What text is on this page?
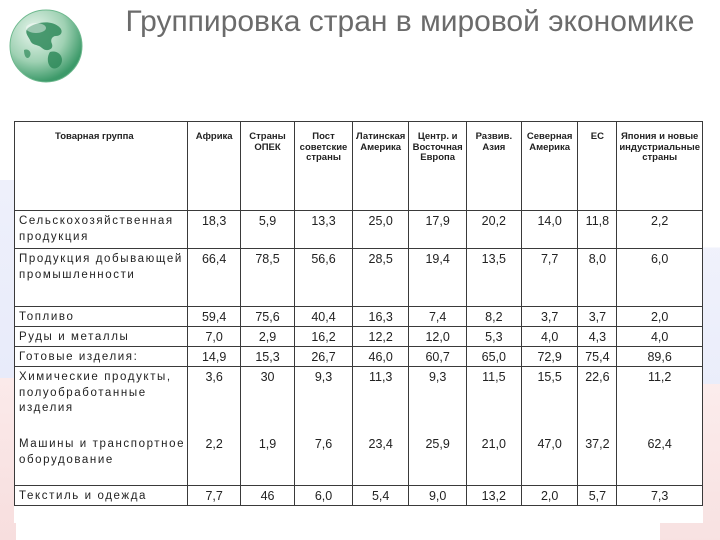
Группировка стран в мировой экономике
Товарная группа	Африка	Страны ОПЕК	Пост советские страны	Латинская Америка	Центр. и Восточная Европа	Развив. Азия	Северная Америка	ЕС	Япония и новые индустриальные страны
Сельскохозяйственная продукция	18,3	5,9	13,3	25,0	17,9	20,2	14,0	11,8	2,2
Продукция добывающей промышленности	66,4	78,5	56,6	28,5	19,4	13,5	7,7	8,0	6,0
Топливо	59,4	75,6	40,4	16,3	7,4	8,2	3,7	3,7	2,0
Руды и металлы	7,0	2,9	16,2	12,2	12,0	5,3	4,0	4,3	4,0
Готовые изделия:	14,9	15,3	26,7	46,0	60,7	65,0	72,9	75,4	89,6
Химические продукты, полуобработанные изделия	3,6	30	9,3	11,3	9,3	11,5	15,5	22,6	11,2
Машины и транспортное оборудование	2,2	1,9	7,6	23,4	25,9	21,0	47,0	37,2	62,4
Текстиль и одежда	7,7	46	6,0	5,4	9,0	13,2	2,0	5,7	7,3
